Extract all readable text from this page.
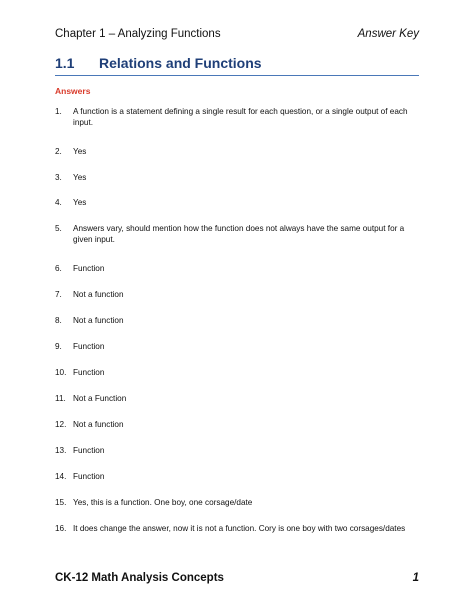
Chapter 1 – Analyzing Functions	Answer Key
1.1 Relations and Functions
Answers
1.	A function is a statement defining a single result for each question, or a single output of each input.
2.	Yes
3.	Yes
4.	Yes
5.	Answers vary, should mention how the function does not always have the same output for a given input.
6.	Function
7.	Not a function
8.	Not a function
9.	Function
10. Function
11. Not a Function
12. Not a function
13. Function
14. Function
15. Yes, this is a function. One boy, one corsage/date
16. It does change the answer, now it is not a function. Cory is one boy with two corsages/dates
CK-12 Math Analysis Concepts	1
